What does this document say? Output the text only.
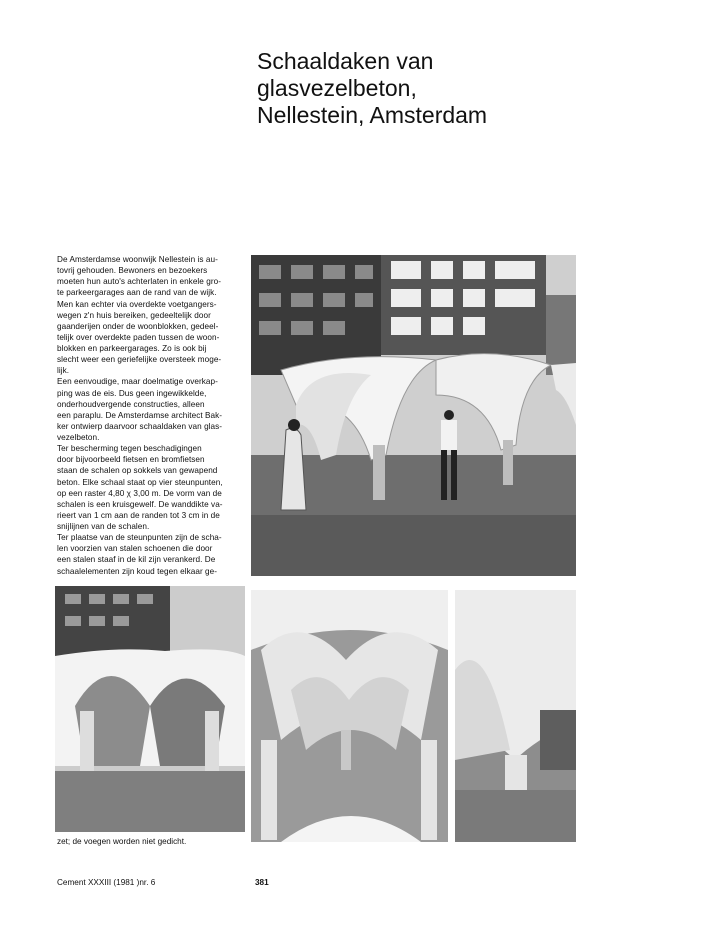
Schaaldaken van
glasvezelbeton,
Nellestein, Amsterdam

De Amsterdamse woonwijk Nellestein is au-

tovrij gehouden. Bewoners en bezoekers

moeten hun auto's achterlaten in enkele gro-

te parkeergarages aan de rand van de wijk.

Men kan echter via overdekte voetgangers-

wegen z'n huis bereiken, gedeeltelijk door

gaanderijen onder de woonblokken, gedeel-

telijk over overdekte paden tussen de woon-

blokken en parkeergarages. Zo is ook bij

slecht weer een geriefelijke oversteek moge-

lijk.

Een eenvoudige, maar doelmatige overkap-

ping was de eis. Dus geen ingewikkelde,

onderhoudvergende constructies, alleen

een paraplu. De Amsterdamse architect Bak-

ker ontwierp daarvoor schaaldaken van glas-

vezelbeton.

Ter bescherming tegen beschadigingen

door bijvoorbeeld fietsen en bromfietsen

staan de schalen op sokkels van gewapend

beton. Elke schaal staat op vier steunpunten,

op een raster 4,80 χ 3,00 m. De vorm van de

schalen is een kruisgewelf. De wanddikte va-

rieert van 1 cm aan de randen tot 3 cm in de

snijlijnen van de schalen.

Ter plaatse van de steunpunten zijn de scha-

len voorzien van stalen schoenen die door

een stalen staaf in de kil zijn verankerd. De

schaalelementen zijn koud tegen elkaar ge-

zet; de voegen worden niet gedicht.

Cement XXXIII (1981 )nr. 6	381
